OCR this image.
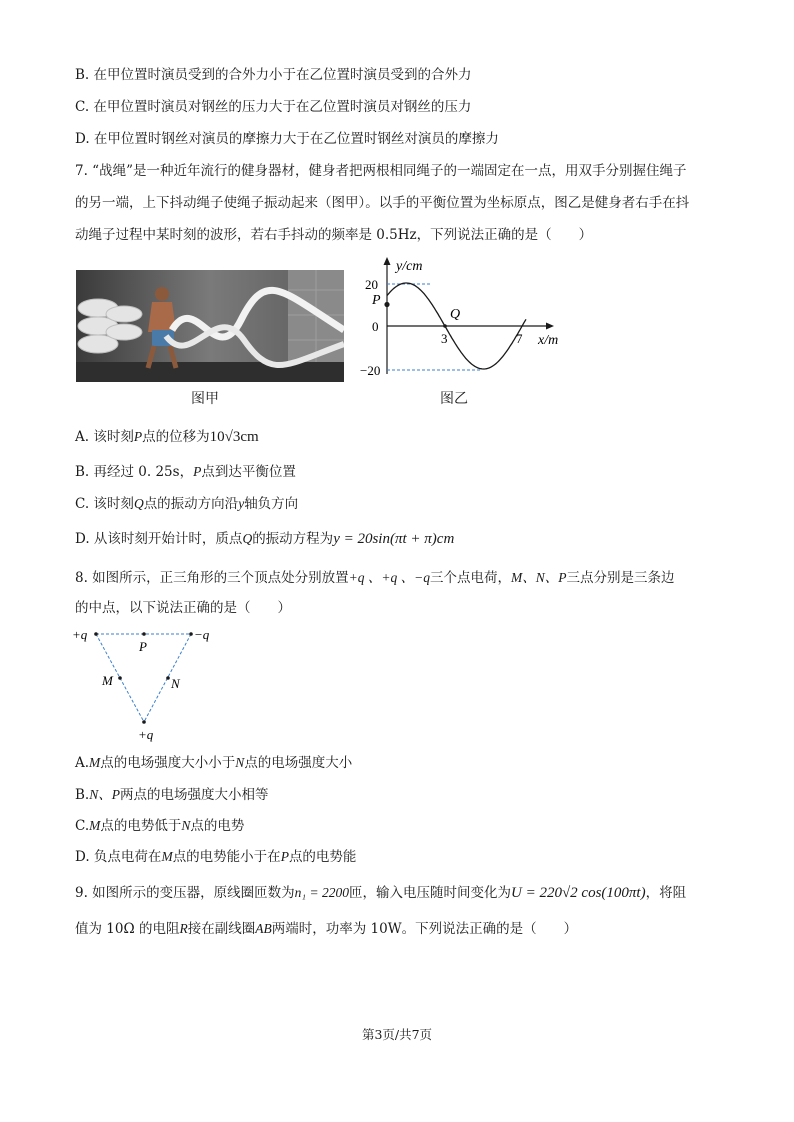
B. 在甲位置时演员受到的合外力小于在乙位置时演员受到的合外力
C. 在甲位置时演员对钢丝的压力大于在乙位置时演员对钢丝的压力
D. 在甲位置时钢丝对演员的摩擦力大于在乙位置时钢丝对演员的摩擦力
7. “战绳”是一种近年流行的健身器材，健身者把两根相同绳子的一端固定在一点，用双手分别握住绳子
的另一端，上下抖动绳子使绳子振动起来（图甲）。以手的平衡位置为坐标原点，图乙是健身者右手在抖
动绳子过程中某时刻的波形，若右手抖动的频率是 0.5Hz，下列说法正确的是（　　）
图甲
y/cm
x/m
20
0
−20
3	7
P
Q
图乙
A. 该时刻P点的位移为10√3cm
B. 再经过 0. 25s，P点到达平衡位置
C. 该时刻Q点的振动方向沿y轴负方向
D. 从该时刻开始计时，质点Q的振动方程为y = 20sin(πt + π)cm
8. 如图所示，正三角形的三个顶点处分别放置+q 、+q 、−q三个点电荷，M、N、P三点分别是三条边
的中点，以下说法正确的是（　　）
+q	−q
+q
P
M	N
A.M点的电场强度大小小于N点的电场强度大小
B.N、P两点的电场强度大小相等
C.M点的电势低于N点的电势
D. 负点电荷在M点的电势能小于在P点的电势能
9. 如图所示的变压器，原线圈匝数为n₁ = 2200匝，输入电压随时间变化为U = 220√2 cos(100πt)，将阻
值为 10Ω 的电阻R接在副线圈AB两端时，功率为 10W。下列说法正确的是（　　）
第3页/共7页
